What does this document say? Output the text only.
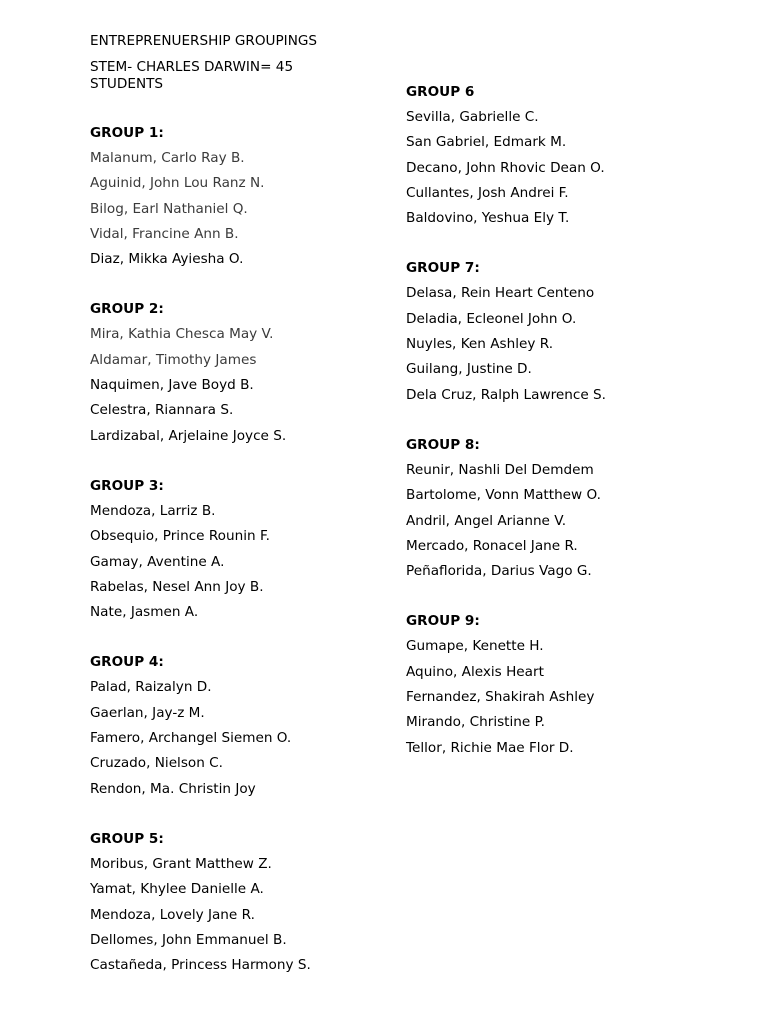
ENTREPRENUERSHIP GROUPINGS

STEM- CHARLES DARWIN= 45 STUDENTS

GROUP 1:
Malanum, Carlo Ray B.
Aguinid, John Lou Ranz N.
Bilog, Earl Nathaniel Q.
Vidal, Francine Ann B.
Diaz, Mikka Ayiesha O.
GROUP 2:
Mira, Kathia Chesca May V.
Aldamar, Timothy James
Naquimen, Jave Boyd B.
Celestra, Riannara S.
Lardizabal, Arjelaine Joyce S.
GROUP 3:
Mendoza, Larriz B.
Obsequio, Prince Rounin F.
Gamay, Aventine A.
Rabelas, Nesel Ann Joy B.
Nate, Jasmen A.
GROUP 4:
Palad, Raizalyn D.
Gaerlan, Jay-z M.
Famero, Archangel Siemen O.
Cruzado, Nielson C.
Rendon, Ma. Christin Joy
GROUP 5:
Moribus, Grant Matthew Z.
Yamat, Khylee Danielle A.
Mendoza, Lovely Jane R.
Dellomes, John Emmanuel B.
Castañeda, Princess Harmony S.
GROUP 6
Sevilla, Gabrielle C.
San Gabriel, Edmark M.
Decano, John Rhovic Dean O.
Cullantes, Josh Andrei F.
Baldovino, Yeshua Ely T.
GROUP 7:
Delasa, Rein Heart Centeno
Deladia, Ecleonel John O.
Nuyles, Ken Ashley R.
Guilang, Justine D.
Dela Cruz, Ralph Lawrence S.
GROUP 8:
Reunir, Nashli Del Demdem
Bartolome, Vonn Matthew O.
Andril, Angel Arianne V.
Mercado, Ronacel Jane R.
Peñaflorida, Darius Vago G.
GROUP 9:
Gumape, Kenette H.
Aquino, Alexis Heart
Fernandez, Shakirah Ashley
Mirando, Christine P.
Tellor, Richie Mae Flor D.
